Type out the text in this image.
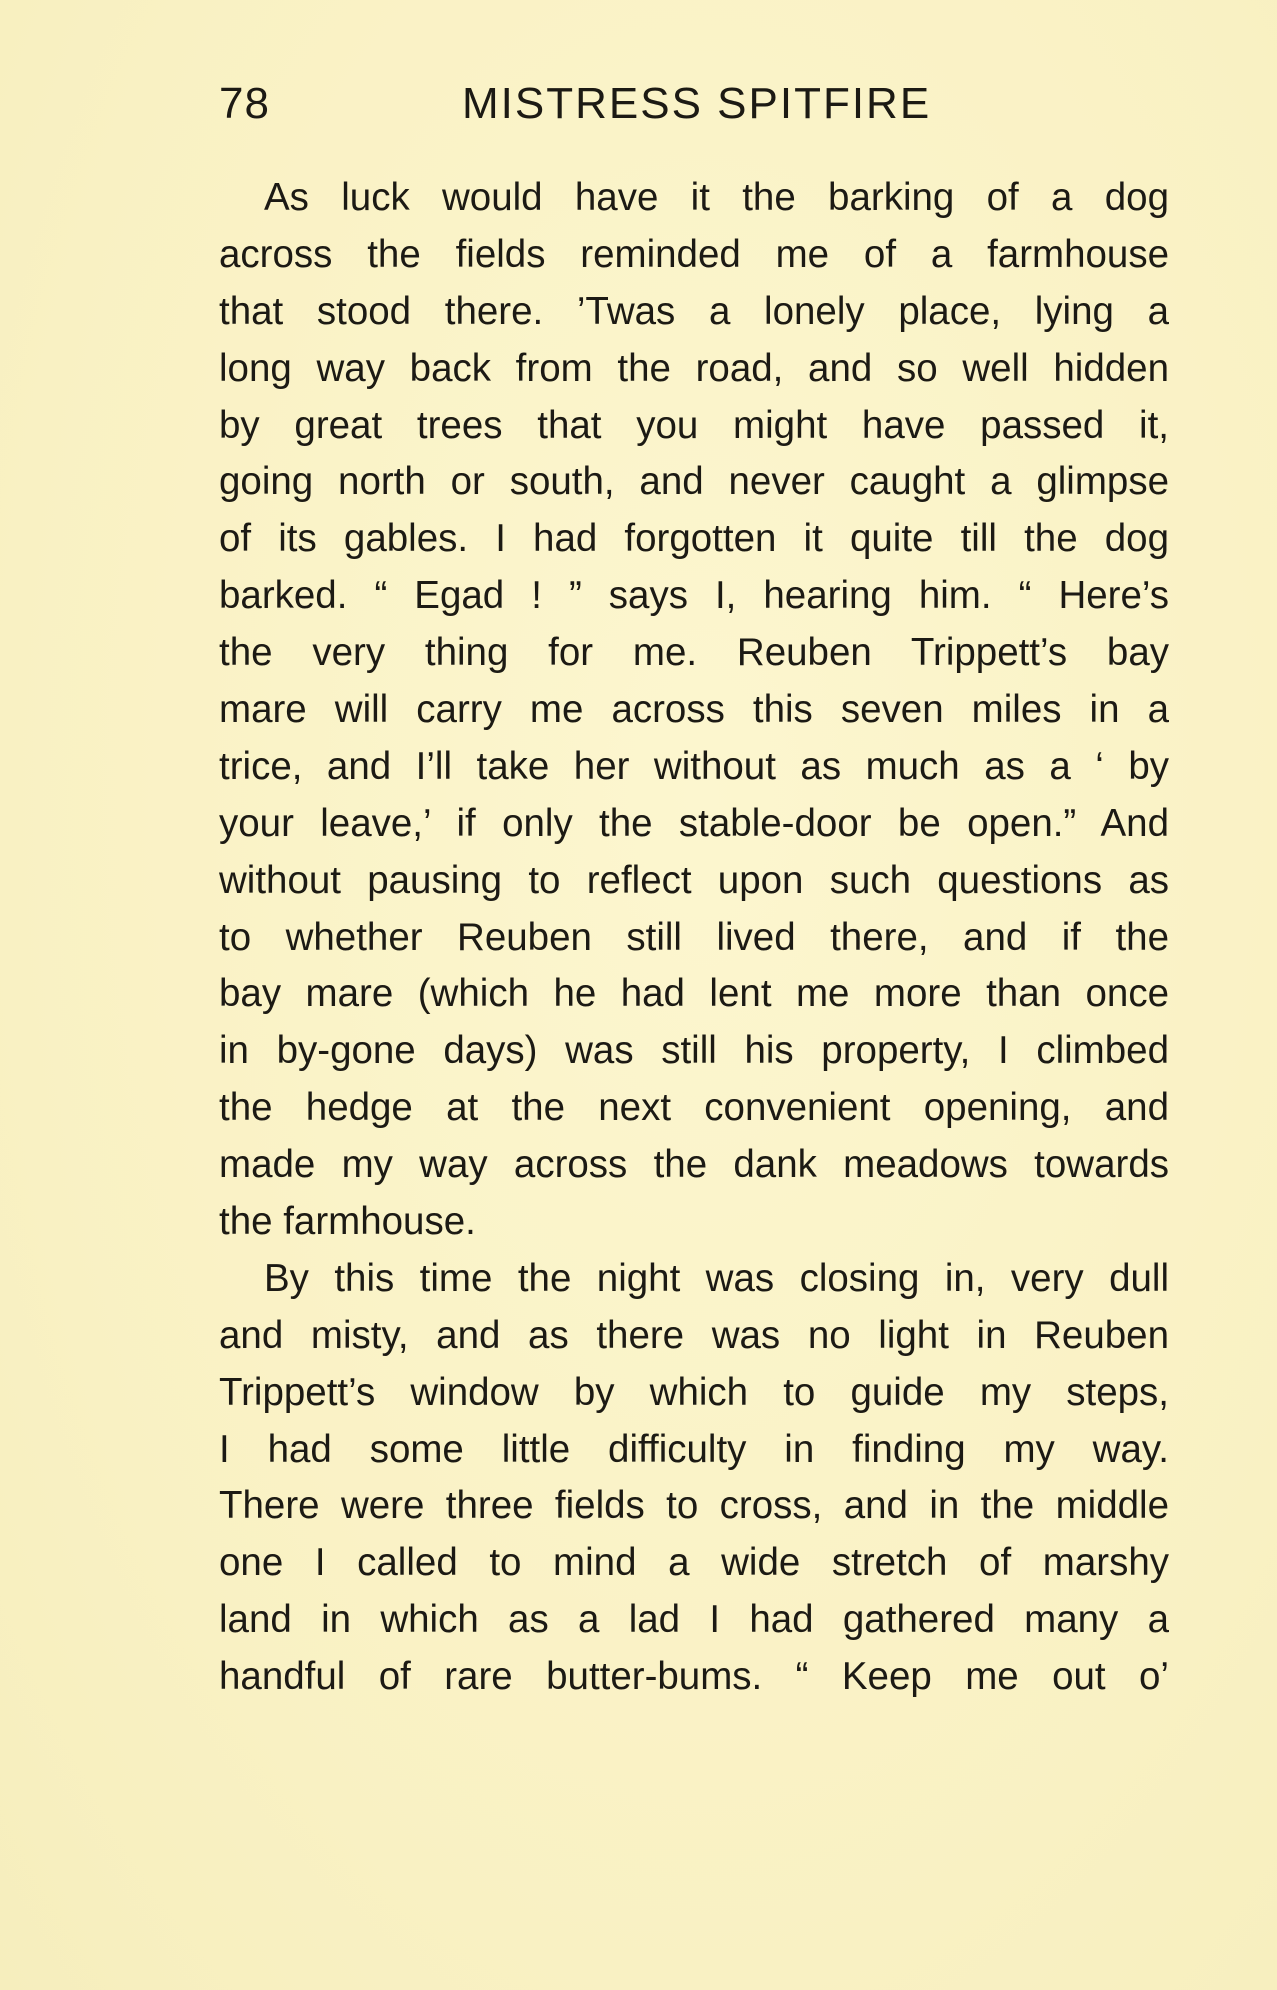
78	MISTRESS SPITFIRE
As luck would have it the barking of a dog
across the fields reminded me of a farmhouse
that stood there. ’Twas a lonely place, lying a
long way back from the road, and so well hidden
by great trees that you might have passed it,
going north or south, and never caught a glimpse
of its gables. I had forgotten it quite till the dog
barked. “ Egad ! ” says I, hearing him. “ Here’s
the very thing for me. Reuben Trippett’s bay
mare will carry me across this seven miles in a
trice, and I’ll take her without as much as a ‘ by
your leave,’ if only the stable-door be open.” And
without pausing to reflect upon such questions as
to whether Reuben still lived there, and if the
bay mare (which he had lent me more than once
in by-gone days) was still his property, I climbed
the hedge at the next convenient opening, and
made my way across the dank meadows towards
the farmhouse.
By this time the night was closing in, very dull
and misty, and as there was no light in Reuben
Trippett’s window by which to guide my steps,
I had some little difficulty in finding my way.
There were three fields to cross, and in the middle
one I called to mind a wide stretch of marshy
land in which as a lad I had gathered many a
handful of rare butter-bums. “ Keep me out o’
